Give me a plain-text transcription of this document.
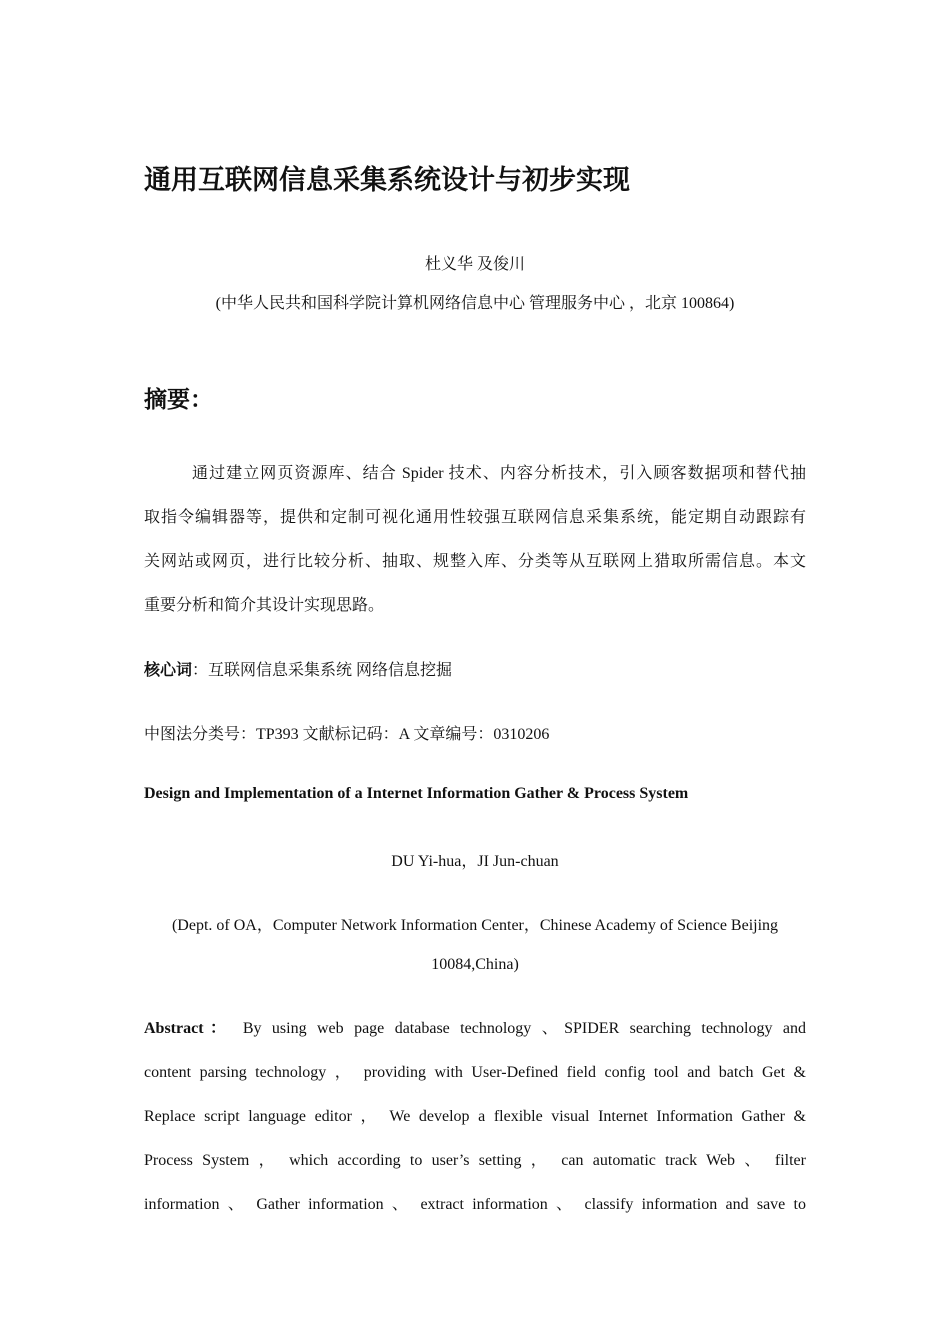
通用互联网信息采集系统设计与初步实现
杜义华 及俊川
(中华人民共和国科学院计算机网络信息中心 管理服务中心 ，北京 100864)
摘要：
通过建立网页资源库、结合 Spider 技术、内容分析技术，引入顾客数据项和替代抽
取指令编辑器等，提供和定制可视化通用性较强互联网信息采集系统，能定期自动跟踪有
关网站或网页，进行比较分析、抽取、规整入库、分类等从互联网上猎取所需信息。本文
重要分析和简介其设计实现思路。
核心词：互联网信息采集系统 网络信息挖掘
中图法分类号：TP393 文献标记码：A 文章编号：0310206
Design and Implementation of a Internet Information Gather & Process System
DU Yi-hua，JI Jun-chuan
(Dept. of OA，Computer Network Information Center，Chinese Academy of Science Beijing
10084,China)
Abstract： By using web page database technology 、SPIDER searching technology and
content parsing technology ， providing with User-Defined field config tool and batch Get &
Replace script language editor ， We develop a flexible visual Internet Information Gather &
Process System ， which according to user’s setting ， can automatic track Web 、 filter
information 、 Gather information 、 extract information 、 classify information and save to
